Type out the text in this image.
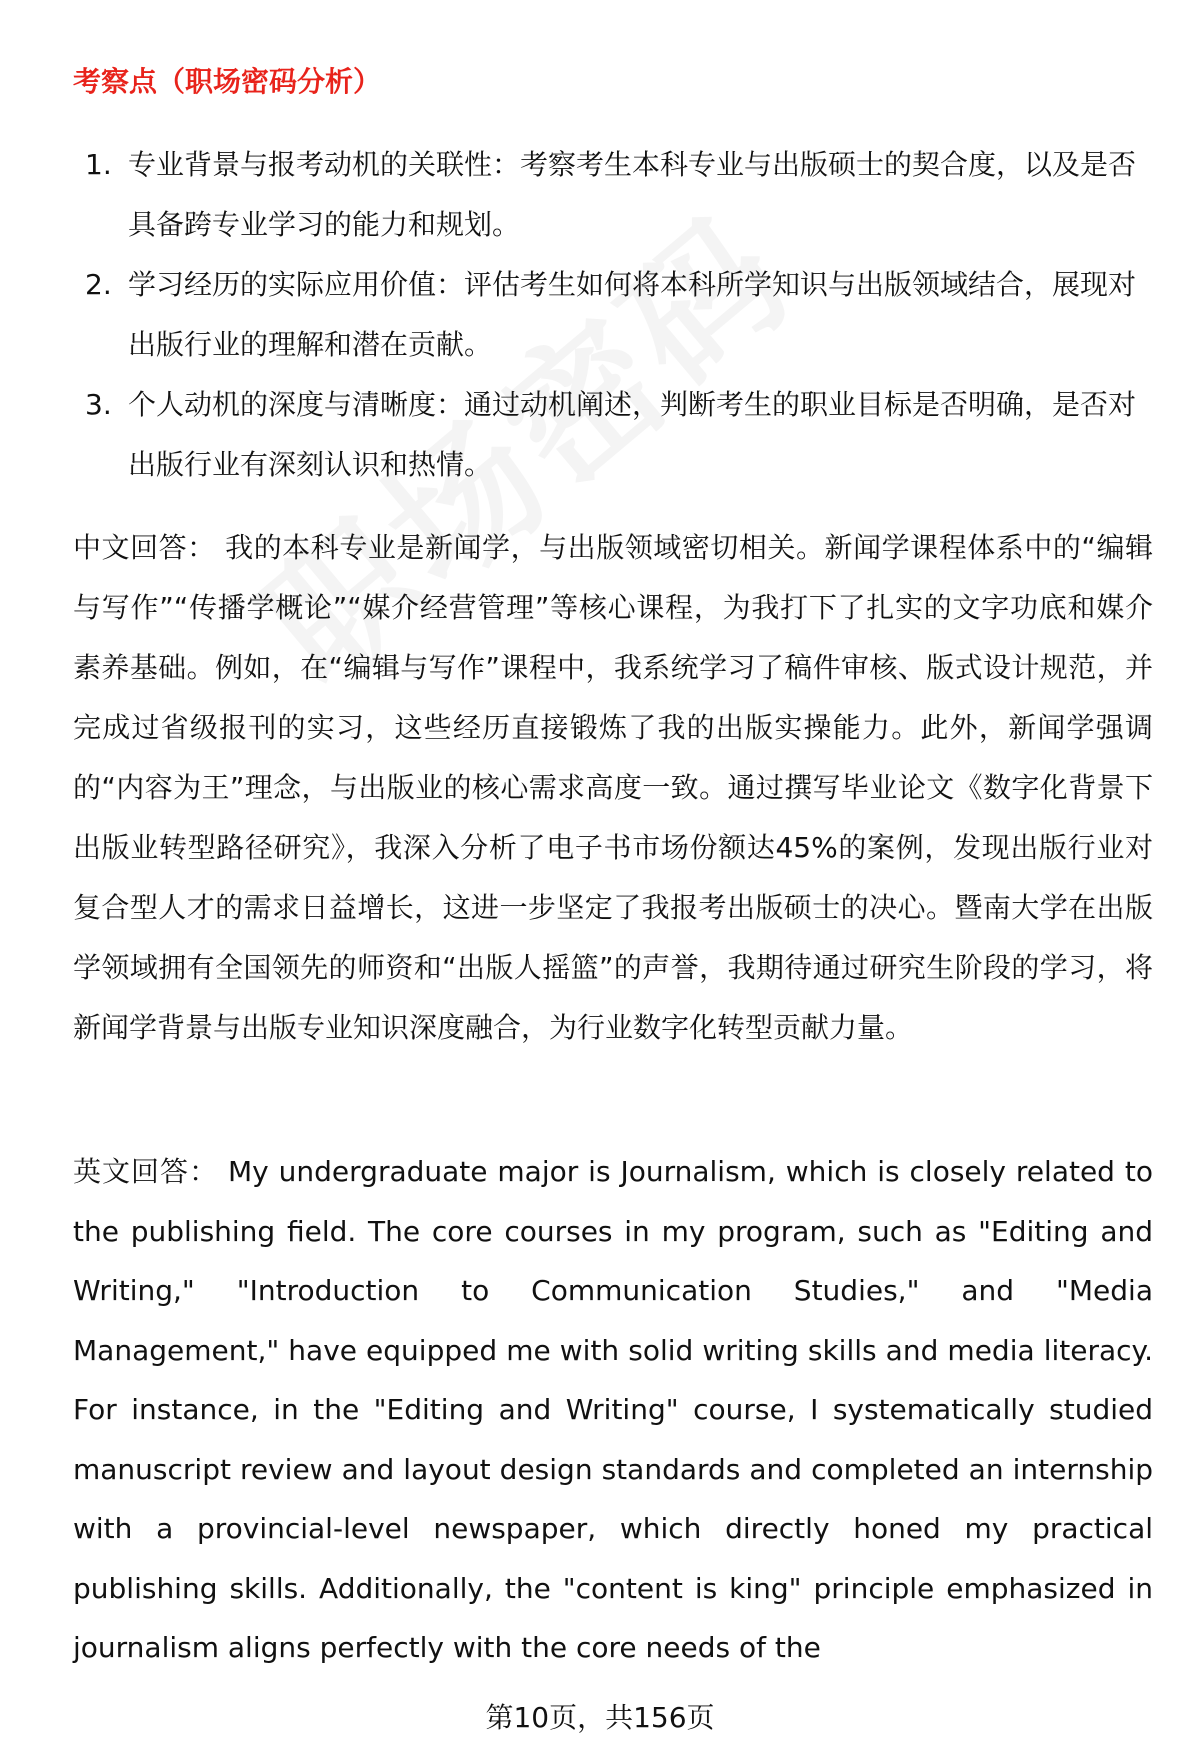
考察点（职场密码分析）
1. 专业背景与报考动机的关联性：考察考生本科专业与出版硕士的契合度，以及是否具备跨专业学习的能力和规划。
2. 学习经历的实际应用价值：评估考生如何将本科所学知识与出版领域结合，展现对出版行业的理解和潜在贡献。
3. 个人动机的深度与清晰度：通过动机阐述，判断考生的职业目标是否明确，是否对出版行业有深刻认识和热情。

中文回答： 我的本科专业是新闻学，与出版领域密切相关。新闻学课程体系中的“编辑与写作”“传播学概论”“媒介经营管理”等核心课程，为我打下了扎实的文字功底和媒介素养基础。例如，在“编辑与写作”课程中，我系统学习了稿件审核、版式设计规范，并完成过省级报刊的实习，这些经历直接锻炼了我的出版实操能力。此外，新闻学强调的“内容为王”理念，与出版业的核心需求高度一致。通过撰写毕业论文《数字化背景下出版业转型路径研究》，我深入分析了电子书市场份额达45%的案例，发现出版行业对复合型人才的需求日益增长，这进一步坚定了我报考出版硕士的决心。暨南大学在出版学领域拥有全国领先的师资和“出版人摇篮”的声誉，我期待通过研究生阶段的学习，将新闻学背景与出版专业知识深度融合，为行业数字化转型贡献力量。

英文回答： My undergraduate major is Journalism, which is closely related to the publishing field. The core courses in my program, such as "Editing and Writing," "Introduction to Communication Studies," and "Media Management," have equipped me with solid writing skills and media literacy. For instance, in the "Editing and Writing" course, I systematically studied manuscript review and layout design standards and completed an internship with a provincial-level newspaper, which directly honed my practical publishing skills. Additionally, the "content is king" principle emphasized in journalism aligns perfectly with the core needs of the

第10页，共156页
